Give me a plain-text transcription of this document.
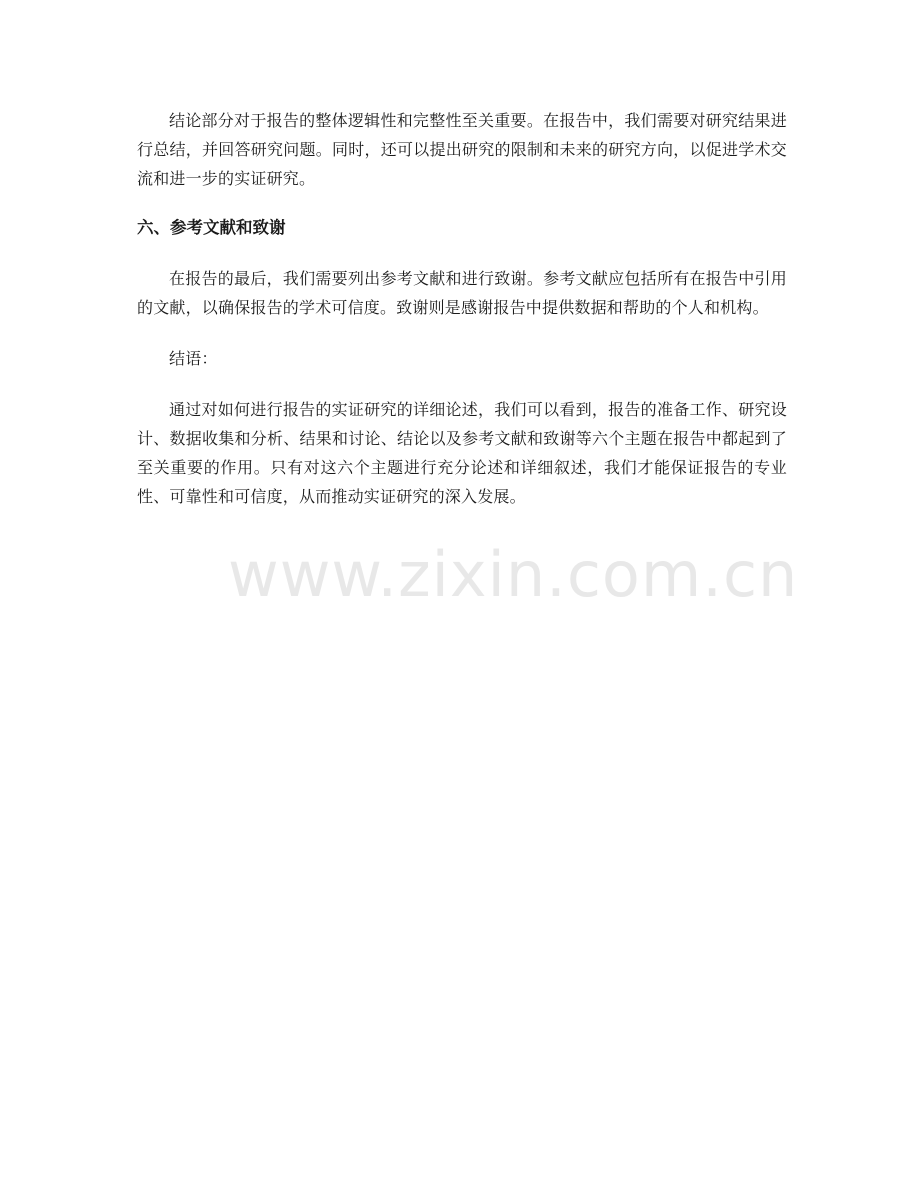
www.zixin.com.cn

结论部分对于报告的整体逻辑性和完整性至关重要。在报告中，我们需要对研究结果进行总结，并回答研究问题。同时，还可以提出研究的限制和未来的研究方向，以促进学术交流和进一步的实证研究。

六、参考文献和致谢

在报告的最后，我们需要列出参考文献和进行致谢。参考文献应包括所有在报告中引用的文献，以确保报告的学术可信度。致谢则是感谢报告中提供数据和帮助的个人和机构。

结语：

通过对如何进行报告的实证研究的详细论述，我们可以看到，报告的准备工作、研究设计、数据收集和分析、结果和讨论、结论以及参考文献和致谢等六个主题在报告中都起到了至关重要的作用。只有对这六个主题进行充分论述和详细叙述，我们才能保证报告的专业性、可靠性和可信度，从而推动实证研究的深入发展。
